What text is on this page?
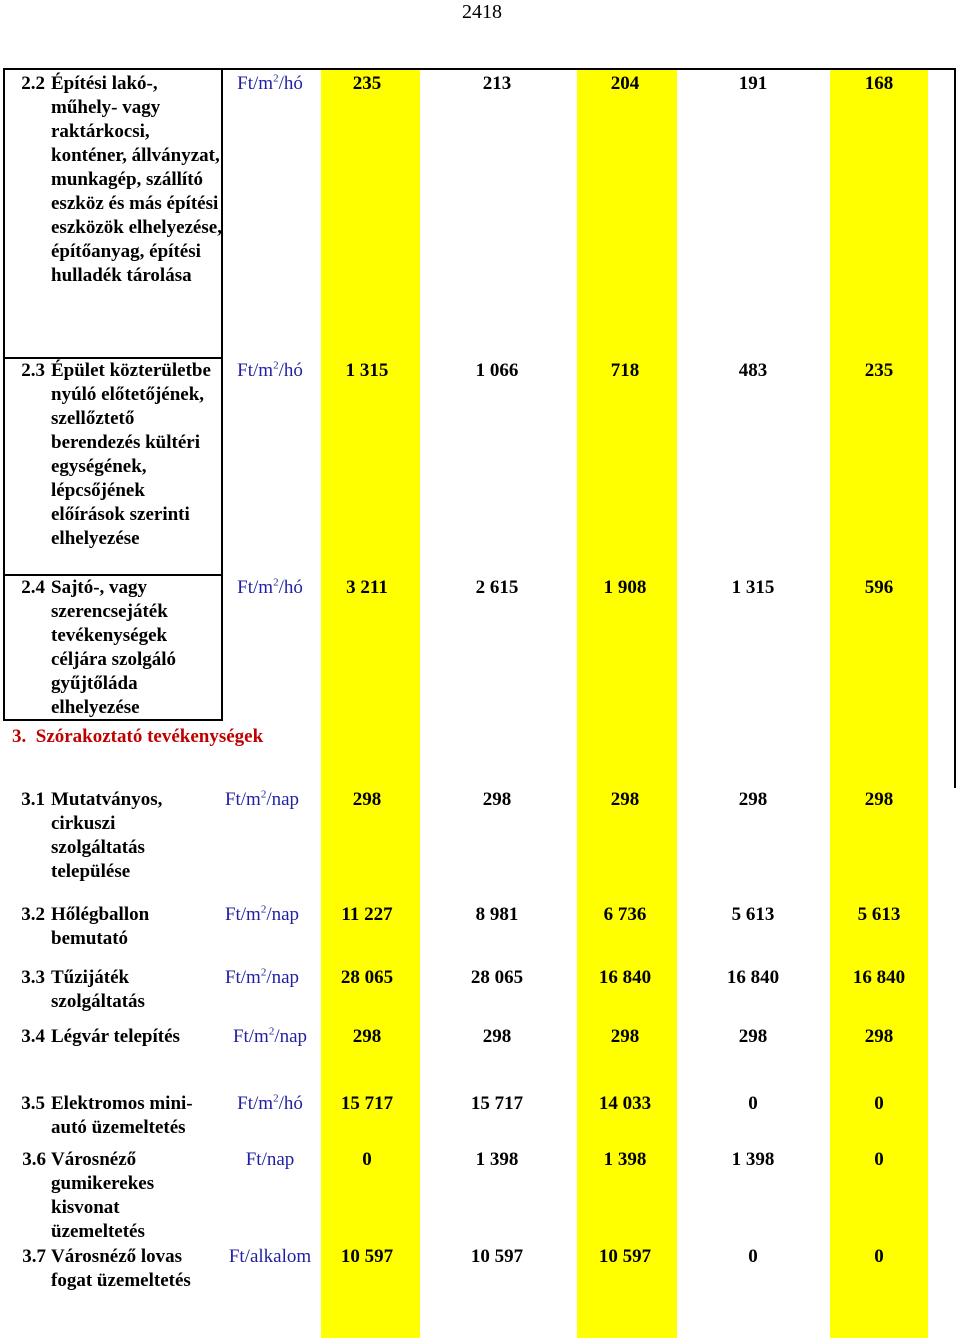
2418
2.2 Építési lakó-, műhely- vagy raktárkocsi, konténer, állványzat, munkagép, szállító eszköz és más építési eszközök elhelyezése, építőanyag, építési hulladék tárolása
$Ft/m^2/hó$	235	213	204	191	168
2.3 Épület közterületbe nyúló előtetőjének, szellőztető berendezés kültéri egységének, lépcsőjének előírások szerinti elhelyezése
$Ft/m^2/hó$	1 315	1 066	718	483	235
2.4 Sajtó-, vagy szerencsejáték tevékenységek céljára szolgáló gyűjtőláda elhelyezése
$Ft/m^2/hó$	3 211	2 615	1 908	1 315	596
3. Szórakoztató tevékenységek
3.1 Mutatványos, cirkuszi szolgáltatás települése
$Ft/m^2$/nap	298	298	298	298	298
3.2 Hőlégballon bemutató
$Ft/m^2$/nap	11 227	8 981	6 736	5 613	5 613
3.3 Tűzijáték szolgáltatás
$Ft/m^2$/nap	28 065	28 065	16 840	16 840	16 840
3.4 Légvár telepítés	$Ft/m^2$/nap	298	298	298	298	298
3.5 Elektromos mini-autó üzemeltetés
$Ft/m^2/hó$	15 717	15 717	14 033	0	0
3.6 Városnéző gumikerekes kisvonat üzemeltetés
Ft/nap	0	1 398	1 398	1 398	0
3.7 Városnéző lovas fogat üzemeltetés
Ft/alkalom	10 597	10 597	10 597	0	0
